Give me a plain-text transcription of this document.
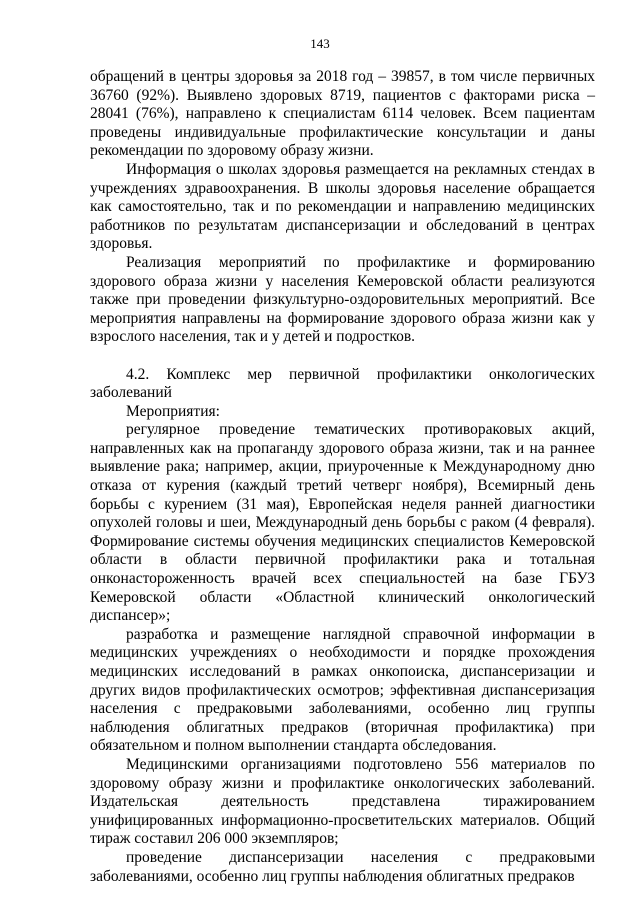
143

обращений в центры здоровья за 2018 год – 39857, в том числе первичных 36760 (92%). Выявлено здоровых 8719, пациентов с факторами риска – 28041 (76%), направлено к специалистам 6114 человек. Всем пациентам проведены индивидуальные профилактические консультации и даны рекомендации по здоровому образу жизни.

Информация о школах здоровья размещается на рекламных стендах в учреждениях здравоохранения. В школы здоровья население обращается как самостоятельно, так и по рекомендации и направлению медицинских работников по результатам диспансеризации и обследований в центрах здоровья.

Реализация мероприятий по профилактике и формированию здорового образа жизни у населения Кемеровской области реализуются также при проведении физкультурно-оздоровительных мероприятий. Все мероприятия направлены на формирование здорового образа жизни как у взрослого населения, так и у детей и подростков.

4.2. Комплекс мер первичной профилактики онкологических заболеваний

Мероприятия:

регулярное проведение тематических противораковых акций, направленных как на пропаганду здорового образа жизни, так и на раннее выявление рака; например, акции, приуроченные к Международному дню отказа от курения (каждый третий четверг ноября), Всемирный день борьбы с курением (31 мая), Европейская неделя ранней диагностики опухолей головы и шеи, Международный день борьбы с раком (4 февраля). Формирование системы обучения медицинских специалистов Кемеровской области в области первичной профилактики рака и тотальная онконастороженность врачей всех специальностей на базе ГБУЗ Кемеровской области «Областной клинический онкологический диспансер»;

разработка и размещение наглядной справочной информации в медицинских учреждениях о необходимости и порядке прохождения медицинских исследований в рамках онкопоиска, диспансеризации и других видов профилактических осмотров; эффективная диспансеризация населения с предраковыми заболеваниями, особенно лиц группы наблюдения облигатных предраков (вторичная профилактика) при обязательном и полном выполнении стандарта обследования.

Медицинскими организациями подготовлено 556 материалов по здоровому образу жизни и профилактике онкологических заболеваний. Издательская деятельность представлена тиражированием унифицированных информационно-просветительских материалов. Общий тираж составил 206 000 экземпляров;

проведение диспансеризации населения с предраковыми заболеваниями, особенно лиц группы наблюдения облигатных предраков
